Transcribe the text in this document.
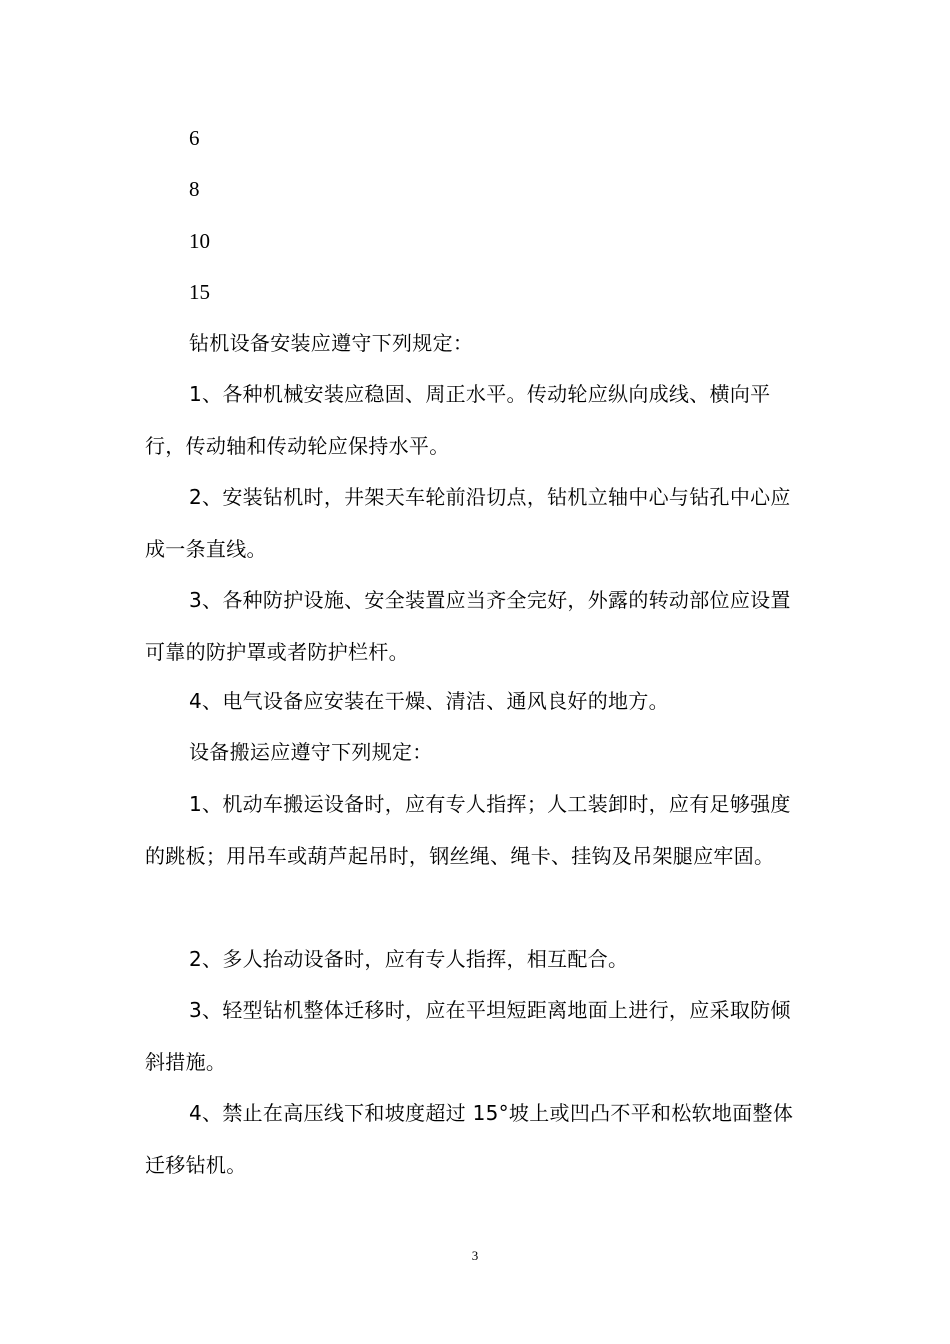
6
8
10
15

钻机设备安装应遵守下列规定：

1、各种机械安装应稳固、周正水平。传动轮应纵向成线、横向平行，传动轴和传动轮应保持水平。

2、安装钻机时，井架天车轮前沿切点，钻机立轴中心与钻孔中心应成一条直线。

3、各种防护设施、安全装置应当齐全完好，外露的转动部位应设置可靠的防护罩或者防护栏杆。

4、电气设备应安装在干燥、清洁、通风良好的地方。

设备搬运应遵守下列规定：

1、机动车搬运设备时，应有专人指挥；人工装卸时，应有足够强度的跳板；用吊车或葫芦起吊时，钢丝绳、绳卡、挂钩及吊架腿应牢固。

2、多人抬动设备时，应有专人指挥，相互配合。

3、轻型钻机整体迁移时，应在平坦短距离地面上进行，应采取防倾斜措施。

4、禁止在高压线下和坡度超过 15°坡上或凹凸不平和松软地面整体迁移钻机。

3
